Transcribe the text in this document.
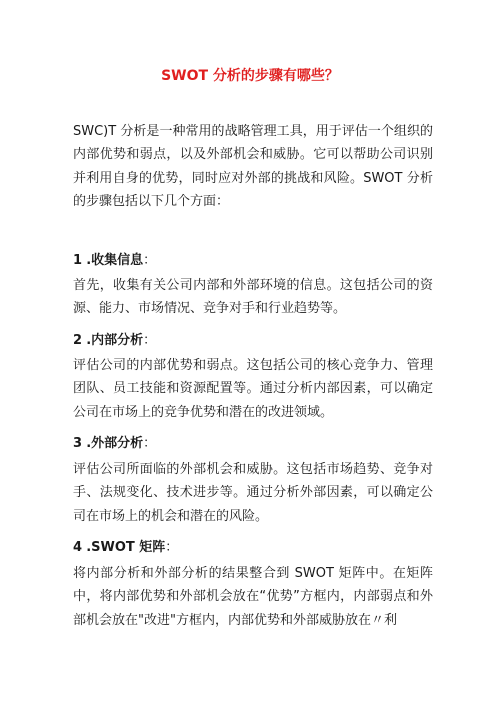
SWOT 分析的步骤有哪些？

SWC)T 分析是一种常用的战略管理工具，用于评估一个组织的内部优势和弱点，以及外部机会和威胁。它可以帮助公司识别并利用自身的优势，同时应对外部的挑战和风险。SWOT 分析的步骤包括以下几个方面：

1 .收集信息：

首先，收集有关公司内部和外部环境的信息。这包括公司的资源、能力、市场情况、竞争对手和行业趋势等。

2 .内部分析：

评估公司的内部优势和弱点。这包括公司的核心竞争力、管理团队、员工技能和资源配置等。通过分析内部因素，可以确定公司在市场上的竞争优势和潜在的改进领域。

3 .外部分析：

评估公司所面临的外部机会和威胁。这包括市场趋势、竞争对手、法规变化、技术进步等。通过分析外部因素，可以确定公司在市场上的机会和潜在的风险。

4 .SWOT 矩阵：

将内部分析和外部分析的结果整合到 SWOT 矩阵中。在矩阵中，将内部优势和外部机会放在“优势”方框内，内部弱点和外部机会放在"改进"方框内，内部优势和外部威胁放在〃利
